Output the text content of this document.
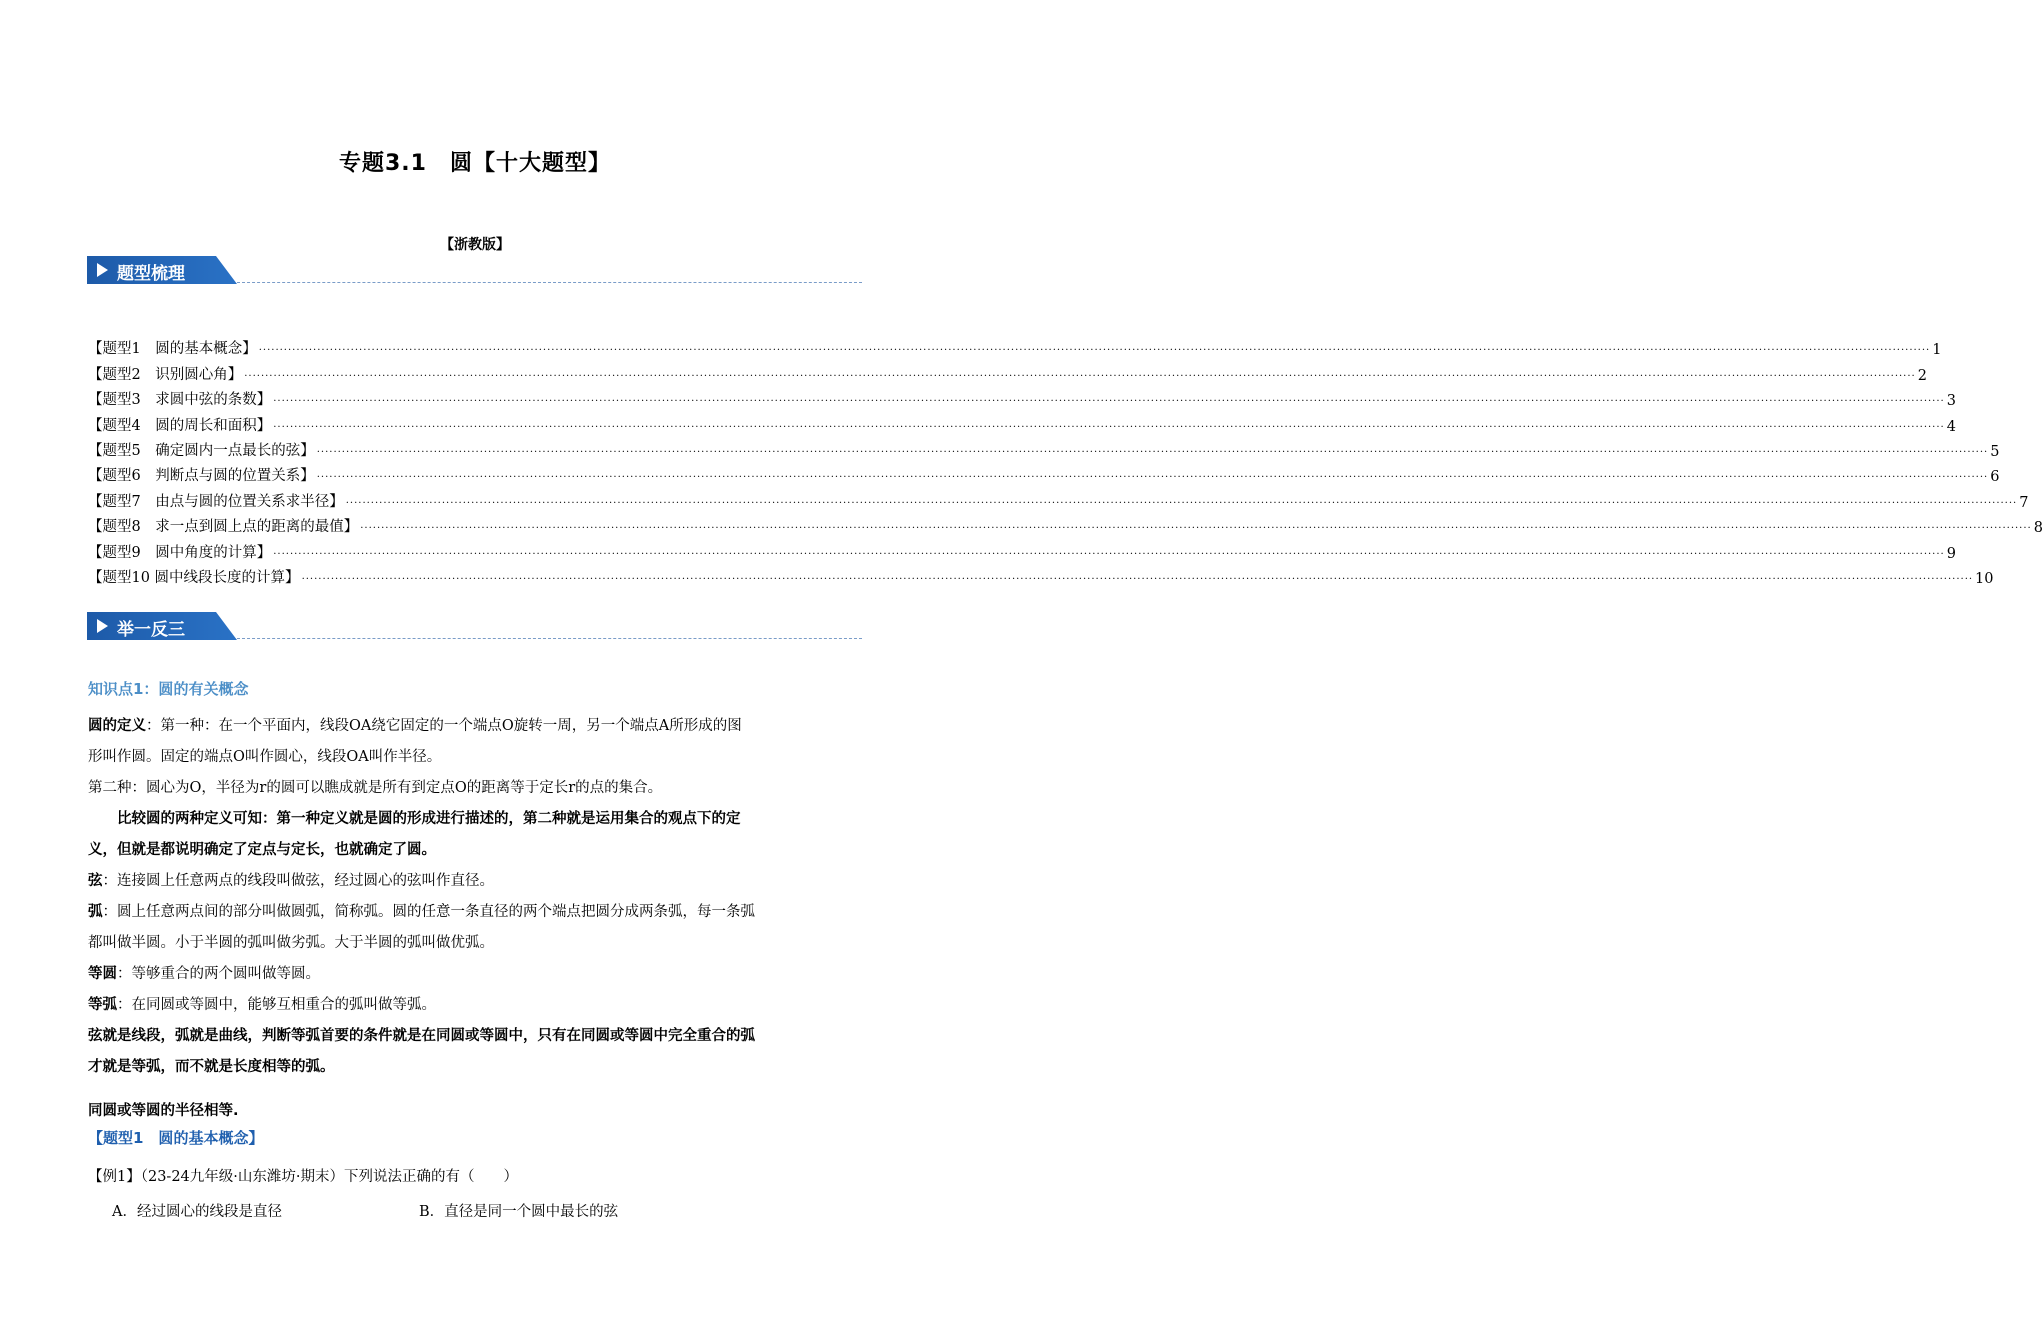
专题3.1　圆【十大题型】
【浙教版】
题型梳理
【题型1　圆的基本概念】 ................................................................................................................................................................................................................................................................................................................................................................................................................ 1
【题型2　识别圆心角】 ................................................................................................................................................................................................................................................................................................................................................................................................................ 2
【题型3　求圆中弦的条数】 ................................................................................................................................................................................................................................................................................................................................................................................................................ 3
【题型4　圆的周长和面积】 ................................................................................................................................................................................................................................................................................................................................................................................................................ 4
【题型5　确定圆内一点最长的弦】 ................................................................................................................................................................................................................................................................................................................................................................................................................ 5
【题型6　判断点与圆的位置关系】 ................................................................................................................................................................................................................................................................................................................................................................................................................ 6
【题型7　由点与圆的位置关系求半径】 ................................................................................................................................................................................................................................................................................................................................................................................................................ 7
【题型8　求一点到圆上点的距离的最值】 ................................................................................................................................................................................................................................................................................................................................................................................................................ 8
【题型9　圆中角度的计算】 ................................................................................................................................................................................................................................................................................................................................................................................................................ 9
【题型10 圆中线段长度的计算】 ................................................................................................................................................................................................................................................................................................................................................................................................................ 10
举一反三
知识点1：圆的有关概念
圆的定义：第一种：在一个平面内，线段OA绕它固定的一个端点O旋转一周，另一个端点A所形成的图
形叫作圆。固定的端点O叫作圆心，线段OA叫作半径。
第二种：圆心为O，半径为r的圆可以瞧成就是所有到定点O的距离等于定长r的点的集合。
比较圆的两种定义可知：第一种定义就是圆的形成进行描述的，第二种就是运用集合的观点下的定
义，但就是都说明确定了定点与定长，也就确定了圆。
弦：连接圆上任意两点的线段叫做弦，经过圆心的弦叫作直径。
弧：圆上任意两点间的部分叫做圆弧，简称弧。圆的任意一条直径的两个端点把圆分成两条弧，每一条弧
都叫做半圆。小于半圆的弧叫做劣弧。大于半圆的弧叫做优弧。
等圆：等够重合的两个圆叫做等圆。
等弧：在同圆或等圆中，能够互相重合的弧叫做等弧。
弦就是线段，弧就是曲线，判断等弧首要的条件就是在同圆或等圆中，只有在同圆或等圆中完全重合的弧
才就是等弧，而不就是长度相等的弧。
同圆或等圆的半径相等.
【题型1　圆的基本概念】
【例1】（23-24九年级·山东潍坊·期末）下列说法正确的有（　　）
A．经过圆心的线段是直径	B．直径是同一个圆中最长的弦
